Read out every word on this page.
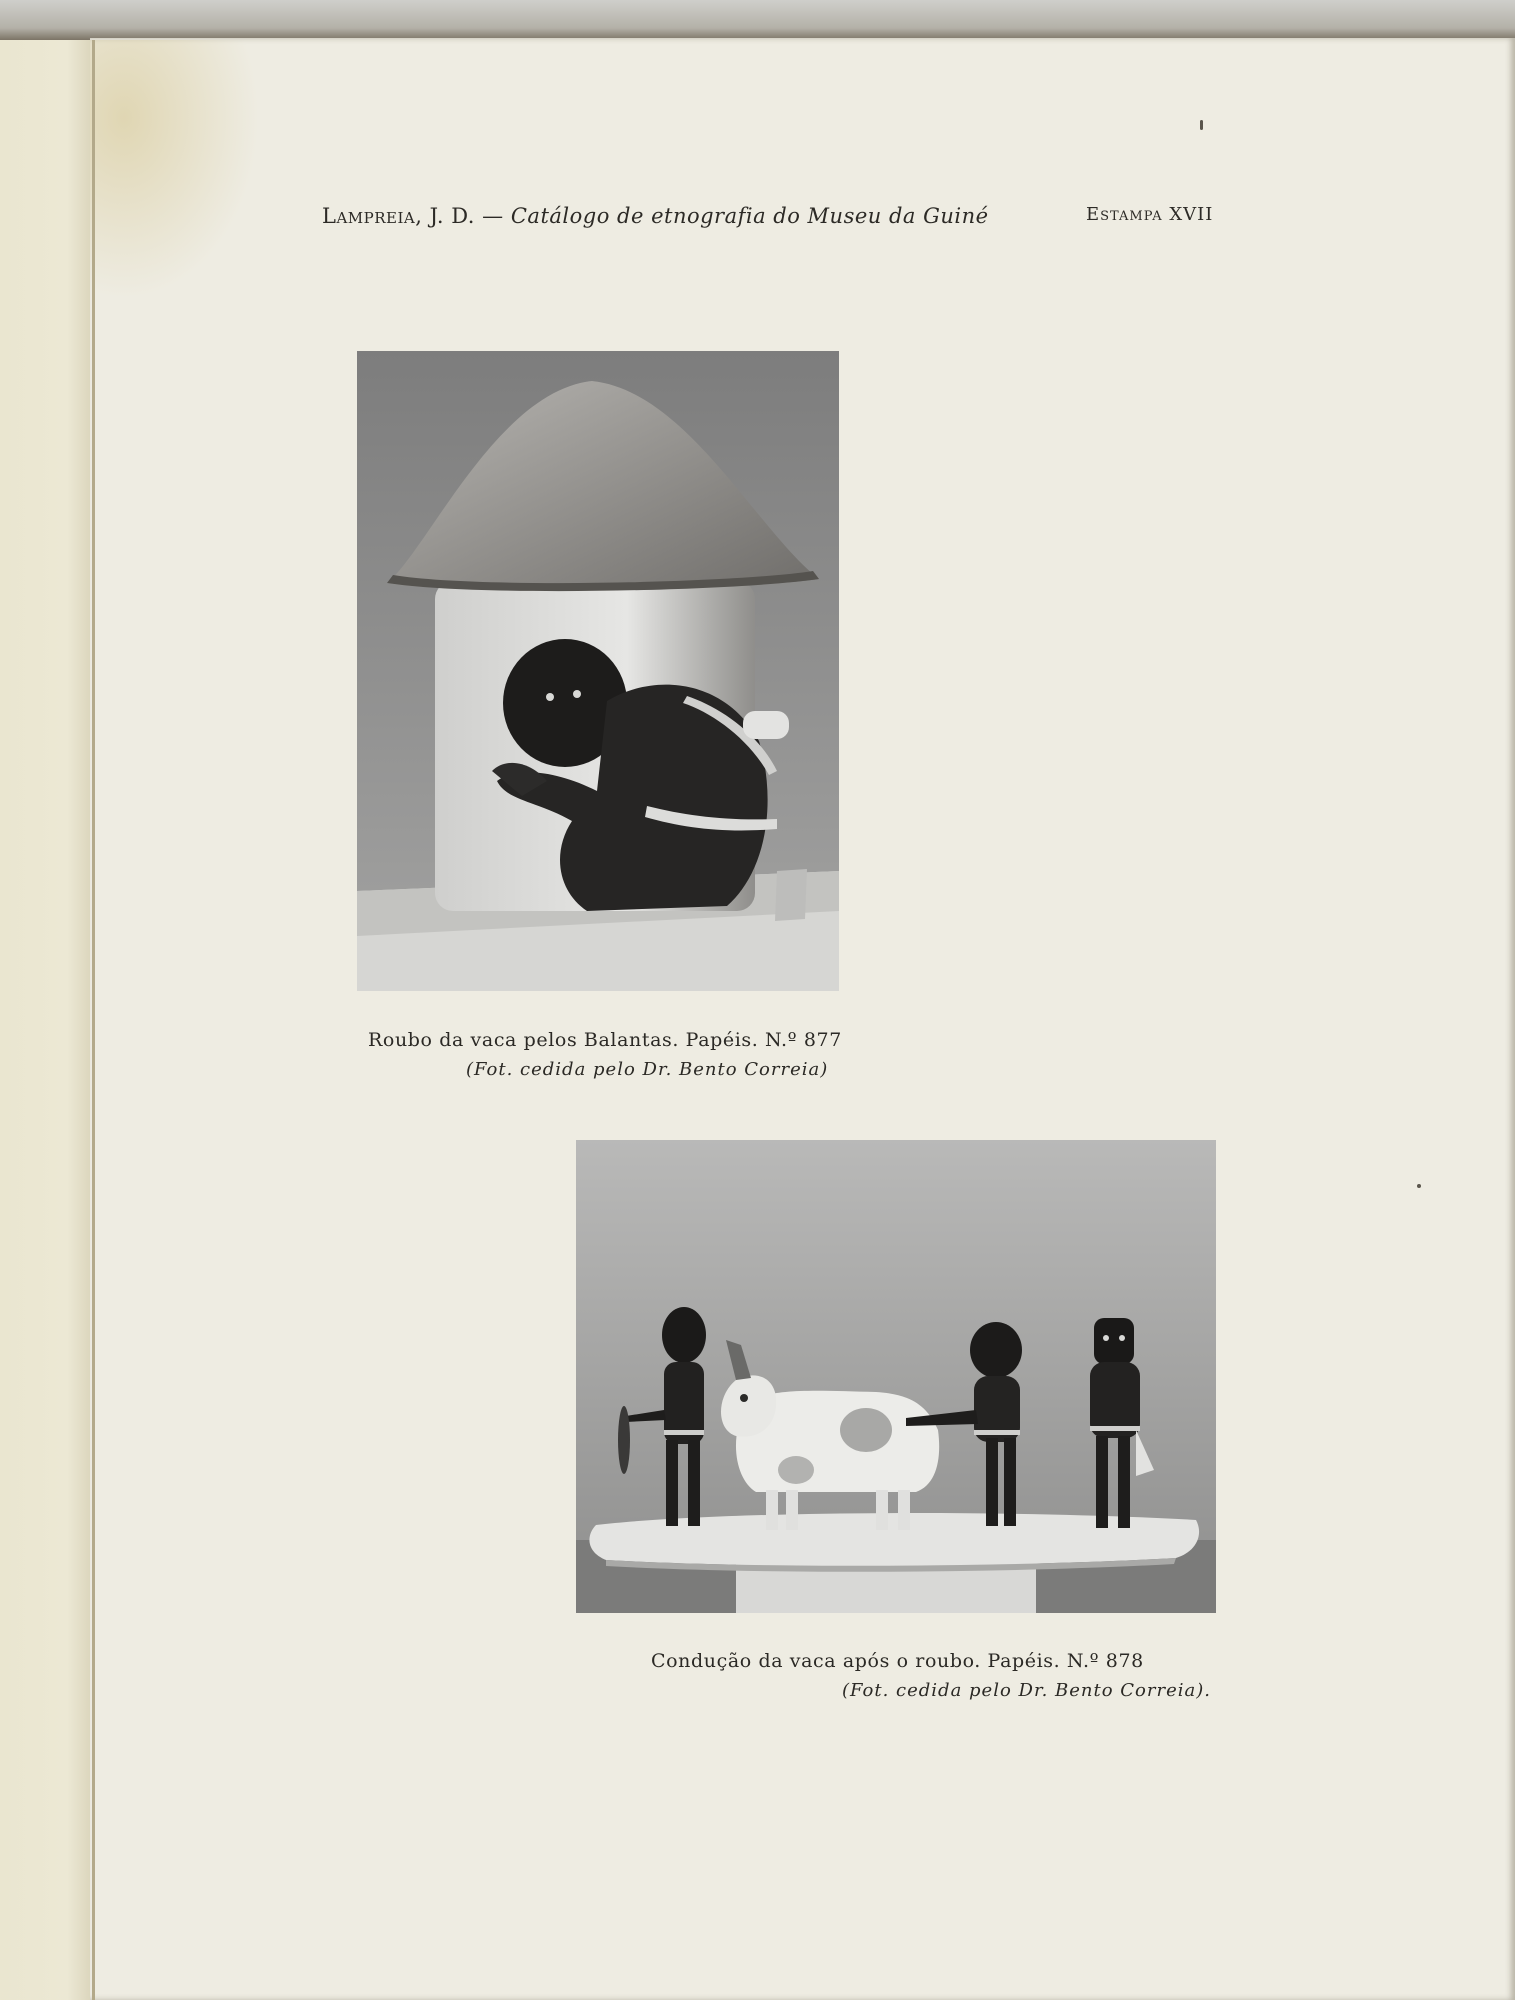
Lampreia, J. D. — Catálogo de etnografia do Museu da Guiné	Estampa XVII
Roubo da vaca pelos Balantas. Papéis. N.º 877
(Fot. cedida pelo Dr. Bento Correia)
Condução da vaca após o roubo. Papéis. N.º 878
(Fot. cedida pelo Dr. Bento Correia).
